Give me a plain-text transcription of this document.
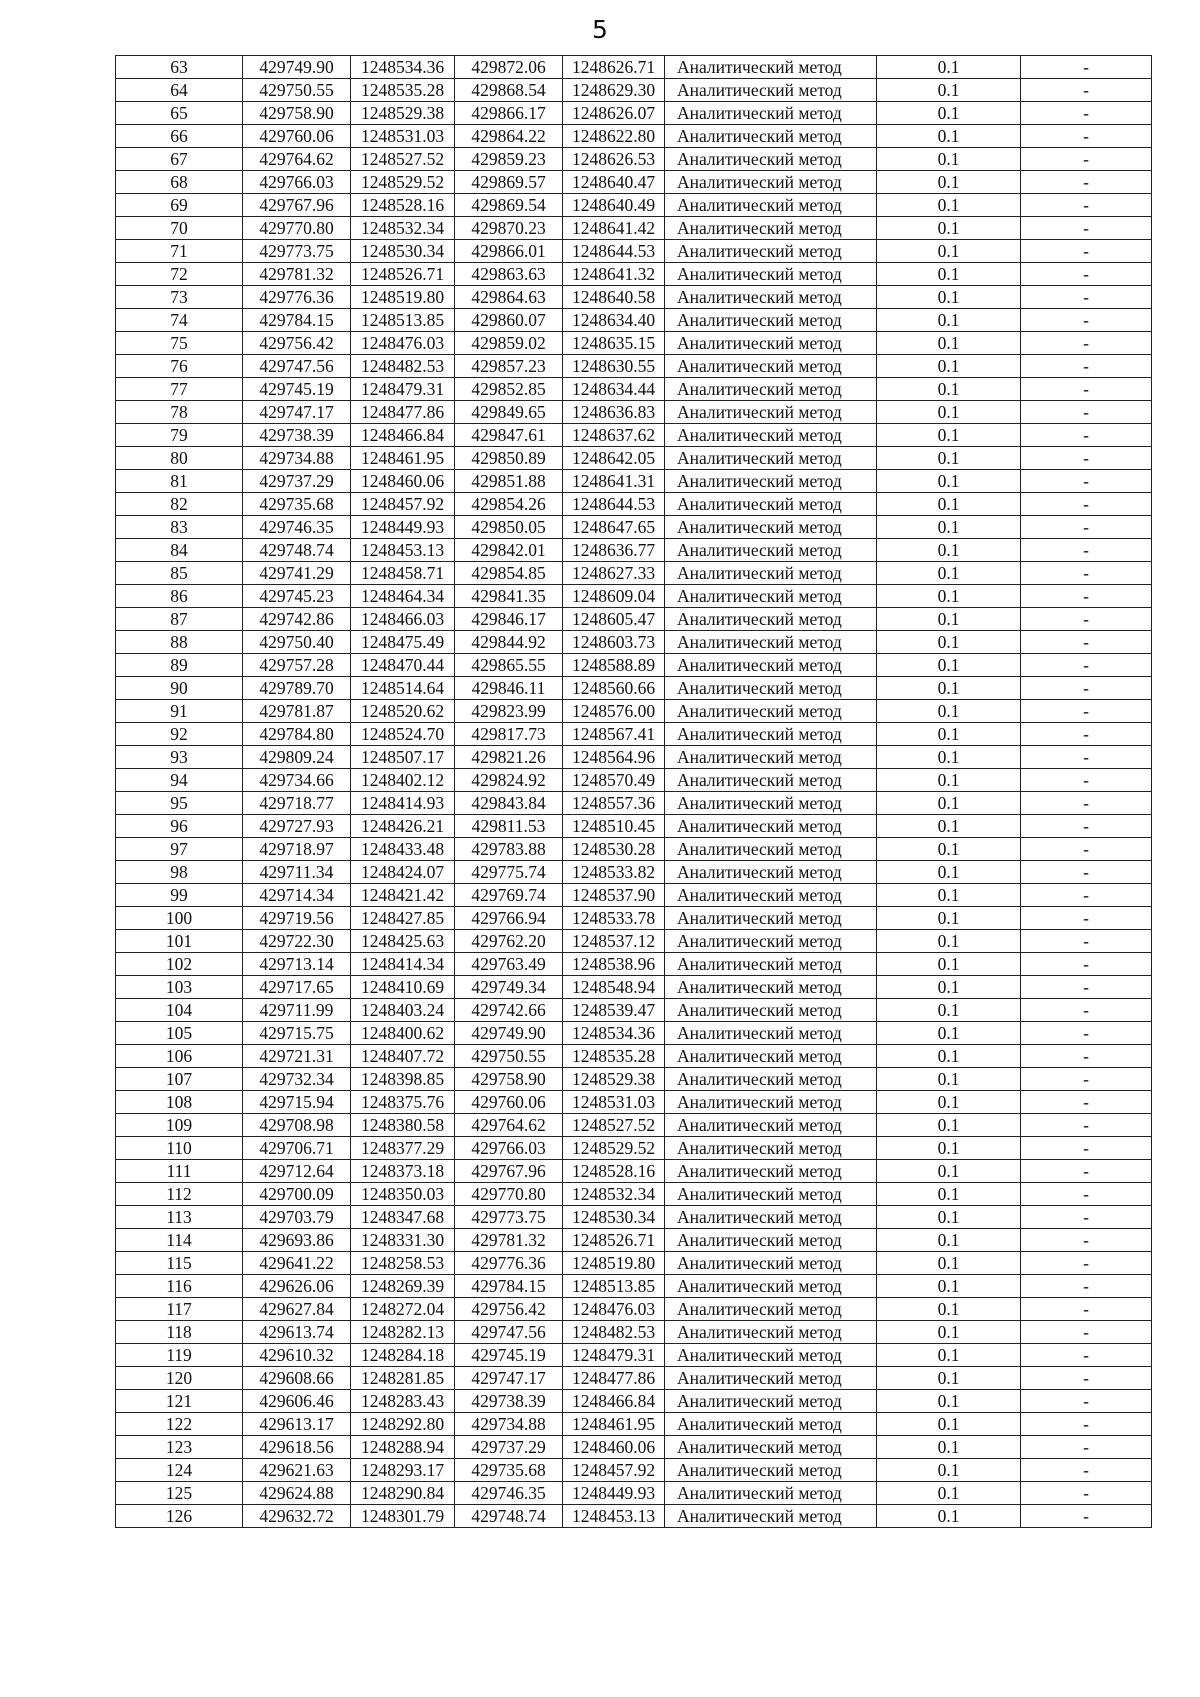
5
63	429749.90	1248534.36	429872.06	1248626.71	Аналитический метод	0.1	-
64	429750.55	1248535.28	429868.54	1248629.30	Аналитический метод	0.1	-
65	429758.90	1248529.38	429866.17	1248626.07	Аналитический метод	0.1	-
66	429760.06	1248531.03	429864.22	1248622.80	Аналитический метод	0.1	-
67	429764.62	1248527.52	429859.23	1248626.53	Аналитический метод	0.1	-
68	429766.03	1248529.52	429869.57	1248640.47	Аналитический метод	0.1	-
69	429767.96	1248528.16	429869.54	1248640.49	Аналитический метод	0.1	-
70	429770.80	1248532.34	429870.23	1248641.42	Аналитический метод	0.1	-
71	429773.75	1248530.34	429866.01	1248644.53	Аналитический метод	0.1	-
72	429781.32	1248526.71	429863.63	1248641.32	Аналитический метод	0.1	-
73	429776.36	1248519.80	429864.63	1248640.58	Аналитический метод	0.1	-
74	429784.15	1248513.85	429860.07	1248634.40	Аналитический метод	0.1	-
75	429756.42	1248476.03	429859.02	1248635.15	Аналитический метод	0.1	-
76	429747.56	1248482.53	429857.23	1248630.55	Аналитический метод	0.1	-
77	429745.19	1248479.31	429852.85	1248634.44	Аналитический метод	0.1	-
78	429747.17	1248477.86	429849.65	1248636.83	Аналитический метод	0.1	-
79	429738.39	1248466.84	429847.61	1248637.62	Аналитический метод	0.1	-
80	429734.88	1248461.95	429850.89	1248642.05	Аналитический метод	0.1	-
81	429737.29	1248460.06	429851.88	1248641.31	Аналитический метод	0.1	-
82	429735.68	1248457.92	429854.26	1248644.53	Аналитический метод	0.1	-
83	429746.35	1248449.93	429850.05	1248647.65	Аналитический метод	0.1	-
84	429748.74	1248453.13	429842.01	1248636.77	Аналитический метод	0.1	-
85	429741.29	1248458.71	429854.85	1248627.33	Аналитический метод	0.1	-
86	429745.23	1248464.34	429841.35	1248609.04	Аналитический метод	0.1	-
87	429742.86	1248466.03	429846.17	1248605.47	Аналитический метод	0.1	-
88	429750.40	1248475.49	429844.92	1248603.73	Аналитический метод	0.1	-
89	429757.28	1248470.44	429865.55	1248588.89	Аналитический метод	0.1	-
90	429789.70	1248514.64	429846.11	1248560.66	Аналитический метод	0.1	-
91	429781.87	1248520.62	429823.99	1248576.00	Аналитический метод	0.1	-
92	429784.80	1248524.70	429817.73	1248567.41	Аналитический метод	0.1	-
93	429809.24	1248507.17	429821.26	1248564.96	Аналитический метод	0.1	-
94	429734.66	1248402.12	429824.92	1248570.49	Аналитический метод	0.1	-
95	429718.77	1248414.93	429843.84	1248557.36	Аналитический метод	0.1	-
96	429727.93	1248426.21	429811.53	1248510.45	Аналитический метод	0.1	-
97	429718.97	1248433.48	429783.88	1248530.28	Аналитический метод	0.1	-
98	429711.34	1248424.07	429775.74	1248533.82	Аналитический метод	0.1	-
99	429714.34	1248421.42	429769.74	1248537.90	Аналитический метод	0.1	-
100	429719.56	1248427.85	429766.94	1248533.78	Аналитический метод	0.1	-
101	429722.30	1248425.63	429762.20	1248537.12	Аналитический метод	0.1	-
102	429713.14	1248414.34	429763.49	1248538.96	Аналитический метод	0.1	-
103	429717.65	1248410.69	429749.34	1248548.94	Аналитический метод	0.1	-
104	429711.99	1248403.24	429742.66	1248539.47	Аналитический метод	0.1	-
105	429715.75	1248400.62	429749.90	1248534.36	Аналитический метод	0.1	-
106	429721.31	1248407.72	429750.55	1248535.28	Аналитический метод	0.1	-
107	429732.34	1248398.85	429758.90	1248529.38	Аналитический метод	0.1	-
108	429715.94	1248375.76	429760.06	1248531.03	Аналитический метод	0.1	-
109	429708.98	1248380.58	429764.62	1248527.52	Аналитический метод	0.1	-
110	429706.71	1248377.29	429766.03	1248529.52	Аналитический метод	0.1	-
111	429712.64	1248373.18	429767.96	1248528.16	Аналитический метод	0.1	-
112	429700.09	1248350.03	429770.80	1248532.34	Аналитический метод	0.1	-
113	429703.79	1248347.68	429773.75	1248530.34	Аналитический метод	0.1	-
114	429693.86	1248331.30	429781.32	1248526.71	Аналитический метод	0.1	-
115	429641.22	1248258.53	429776.36	1248519.80	Аналитический метод	0.1	-
116	429626.06	1248269.39	429784.15	1248513.85	Аналитический метод	0.1	-
117	429627.84	1248272.04	429756.42	1248476.03	Аналитический метод	0.1	-
118	429613.74	1248282.13	429747.56	1248482.53	Аналитический метод	0.1	-
119	429610.32	1248284.18	429745.19	1248479.31	Аналитический метод	0.1	-
120	429608.66	1248281.85	429747.17	1248477.86	Аналитический метод	0.1	-
121	429606.46	1248283.43	429738.39	1248466.84	Аналитический метод	0.1	-
122	429613.17	1248292.80	429734.88	1248461.95	Аналитический метод	0.1	-
123	429618.56	1248288.94	429737.29	1248460.06	Аналитический метод	0.1	-
124	429621.63	1248293.17	429735.68	1248457.92	Аналитический метод	0.1	-
125	429624.88	1248290.84	429746.35	1248449.93	Аналитический метод	0.1	-
126	429632.72	1248301.79	429748.74	1248453.13	Аналитический метод	0.1	-
